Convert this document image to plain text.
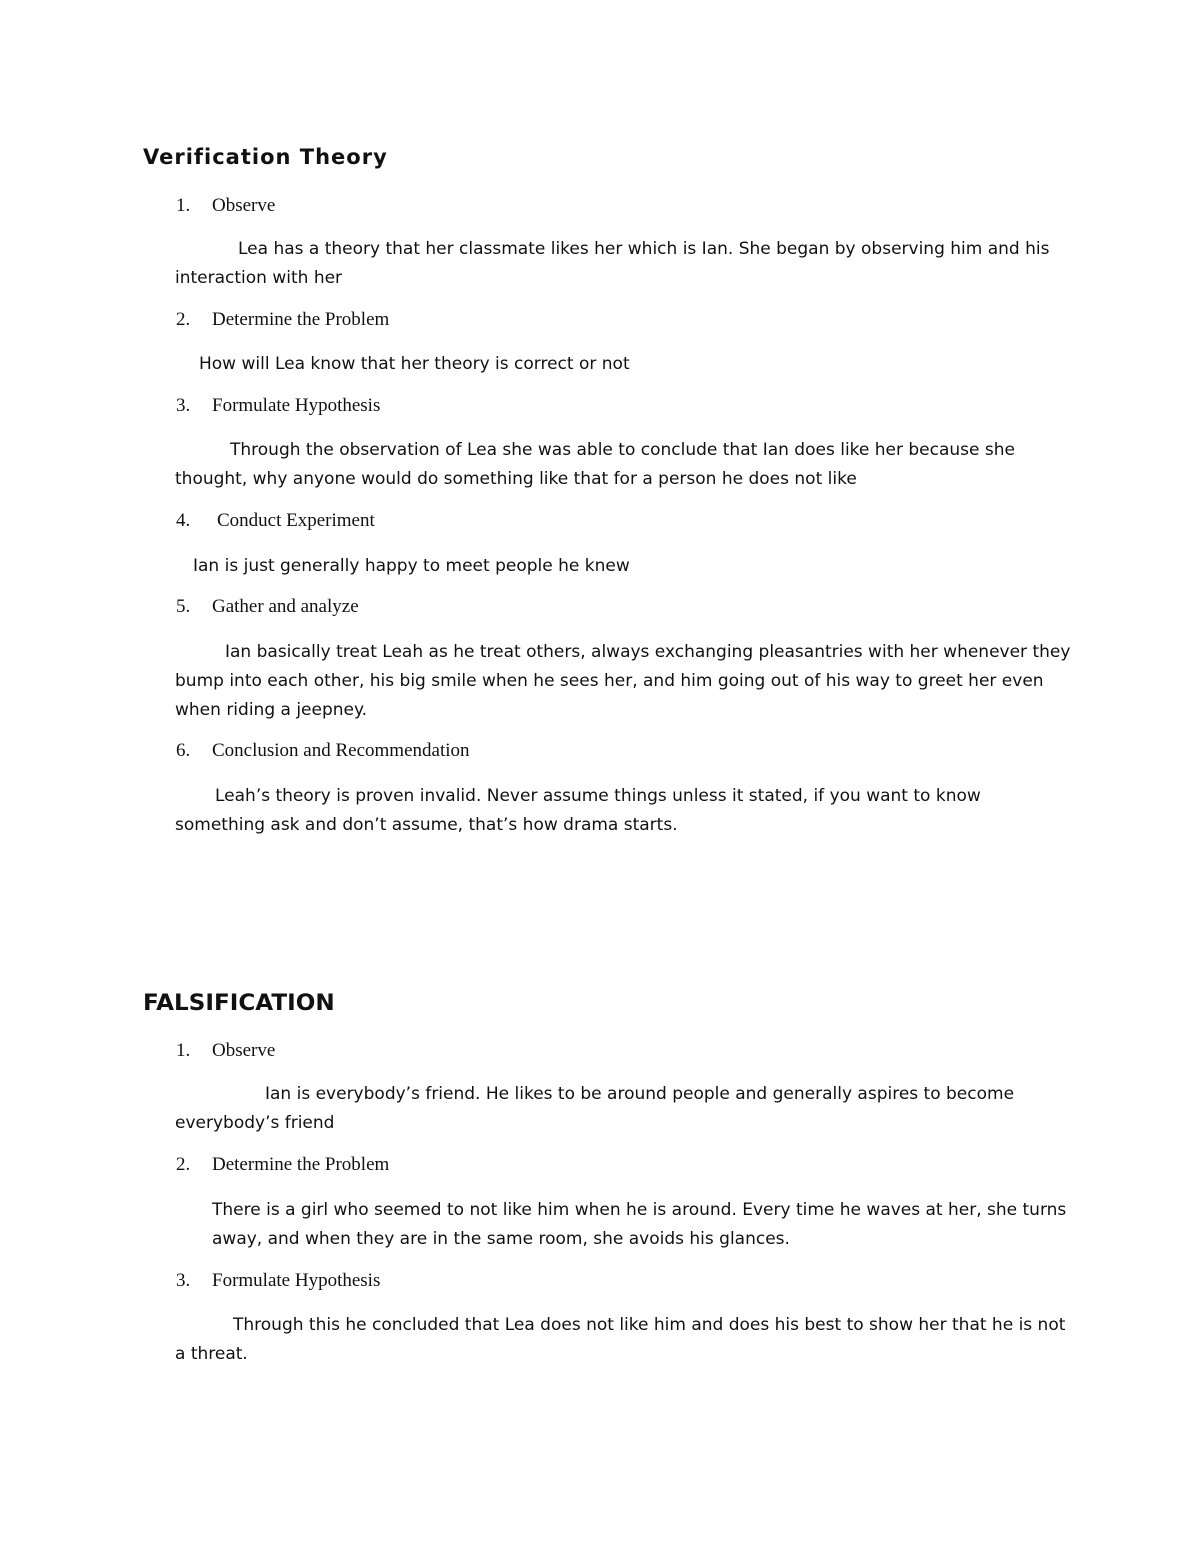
Verification Theory
1. Observe

Lea has a theory that her classmate likes her which is Ian. She began by observing him and his interaction with her

2. Determine the Problem

How will Lea know that her theory is correct or not

3. Formulate Hypothesis

Through the observation of Lea she was able to conclude that Ian does like her because she thought, why anyone would do something like that for a person he does not like

4. Conduct Experiment

Ian is just generally happy to meet people he knew

5. Gather and analyze

Ian basically treat Leah as he treat others, always exchanging pleasantries with her whenever they bump into each other, his big smile when he sees her, and him going out of his way to greet her even when riding a jeepney.

6. Conclusion and Recommendation

Leah’s theory is proven invalid. Never assume things unless it stated, if you want to know something ask and don’t assume, that’s how drama starts.

FALSIFICATION
1. Observe

Ian is everybody’s friend. He likes to be around people and generally aspires to become everybody’s friend

2. Determine the Problem

There is a girl who seemed to not like him when he is around. Every time he waves at her, she turns away, and when they are in the same room, she avoids his glances.

3. Formulate Hypothesis

Through this he concluded that Lea does not like him and does his best to show her that he is not a threat.
